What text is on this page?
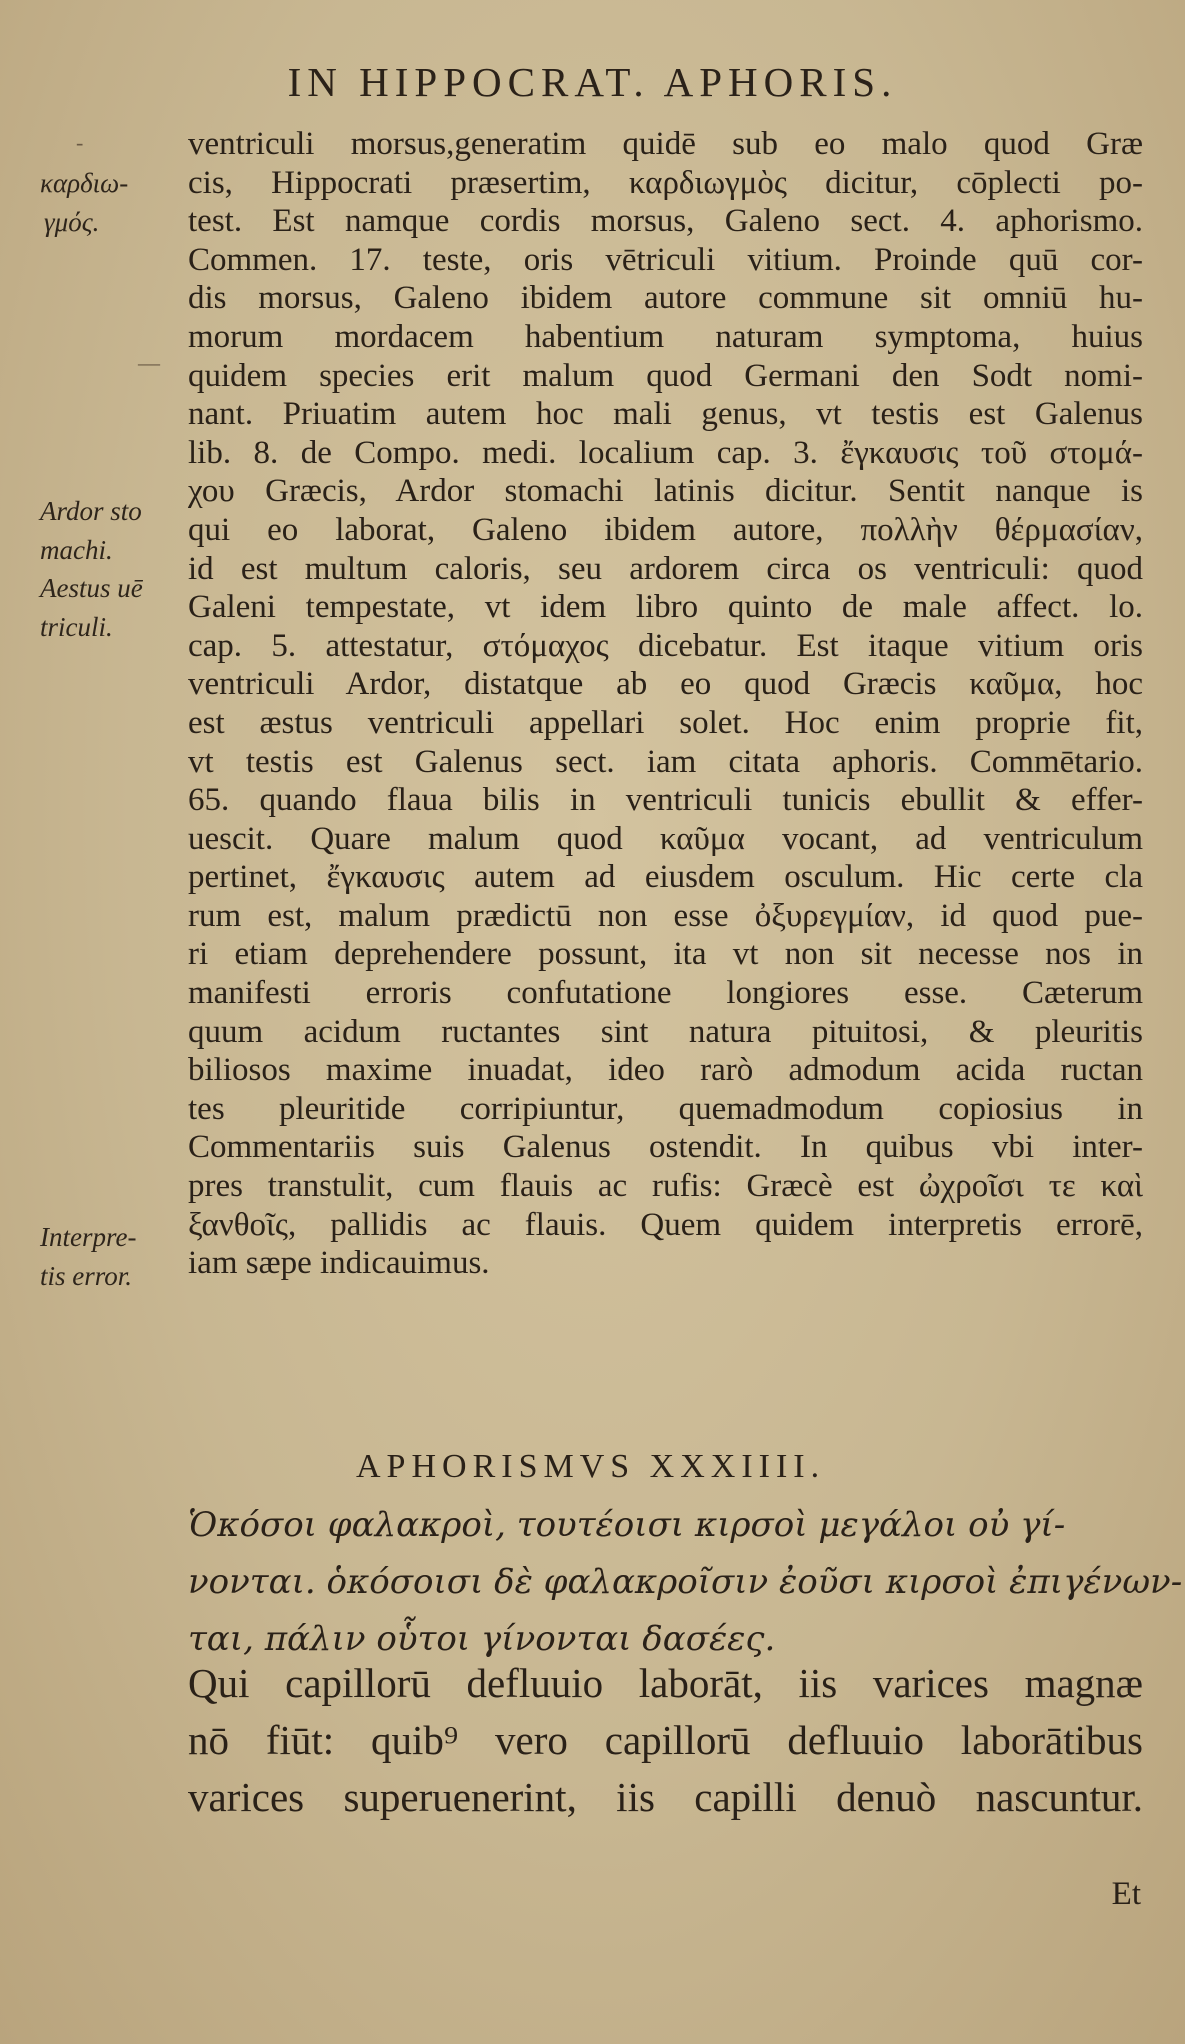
IN HIPPOCRAT. APHORIS.
-
—
καρδιω-
γμός.
Ardor sto
machi.
Aestus uē
triculi.
Interpre-
tis error.
ventriculi morsus,generatim quidē sub eo malo quod Græ
cis, Hippocrati præsertim, καρδιωγμὸς dicitur, cōplecti po-
test. Est namque cordis morsus, Galeno sect. 4. aphorismo.
Commen. 17. teste, oris vētriculi vitium. Proinde quū cor-
dis morsus, Galeno ibidem autore commune sit omniū hu-
morum mordacem habentium naturam symptoma, huius
quidem species erit malum quod Germani den Sodt nomi-
nant. Priuatim autem hoc mali genus, vt testis est Galenus
lib. 8. de Compo. medi. localium cap. 3. ἔγκαυσις τοῦ στομά-
χου Græcis, Ardor stomachi latinis dicitur. Sentit nanque is
qui eo laborat, Galeno ibidem autore, πολλὴν θέρμασίαν,
id est multum caloris, seu ardorem circa os ventriculi: quod
Galeni tempestate, vt idem libro quinto de male affect. lo.
cap. 5. attestatur, στόμαχος dicebatur. Est itaque vitium oris
ventriculi Ardor, distatque ab eo quod Græcis καῦμα, hoc
est æstus ventriculi appellari solet. Hoc enim proprie fit,
vt testis est Galenus sect. iam citata aphoris. Commētario.
65. quando flaua bilis in ventriculi tunicis ebullit & effer-
uescit. Quare malum quod καῦμα vocant, ad ventriculum
pertinet, ἔγκαυσις autem ad eiusdem osculum. Hic certe cla
rum est, malum prædictū non esse ὀξυρεγμίαν, id quod pue-
ri etiam deprehendere possunt, ita vt non sit necesse nos in
manifesti erroris confutatione longiores esse. Cæterum
quum acidum ructantes sint natura pituitosi, & pleuritis
biliosos maxime inuadat, ideo rarò admodum acida ructan
tes pleuritide corripiuntur, quemadmodum copiosius in
Commentariis suis Galenus ostendit. In quibus vbi inter-
pres transtulit, cum flauis ac rufis: Græcè est ὠχροῖσι τε καὶ
ξανθοῖς, pallidis ac flauis. Quem quidem interpretis errorē,
iam sæpe indicauimus.
APHORISMVS XXXIIII.
Ὁκόσοι φαλακροὶ, τουτέοισι κιρσοὶ μεγάλοι οὐ γί-
νονται. ὁκόσοισι δὲ φαλακροῖσιν ἐοῦσι κιρσοὶ ἐπιγένων-
ται, πάλιν οὗτοι γίνονται δασέες.
Qui capillorū defluuio laborāt, iis varices magnæ
nō fiūt: quib⁹ vero capillorū defluuio laborātibus
varices superuenerint, iis capilli denuò nascuntur.
Et
